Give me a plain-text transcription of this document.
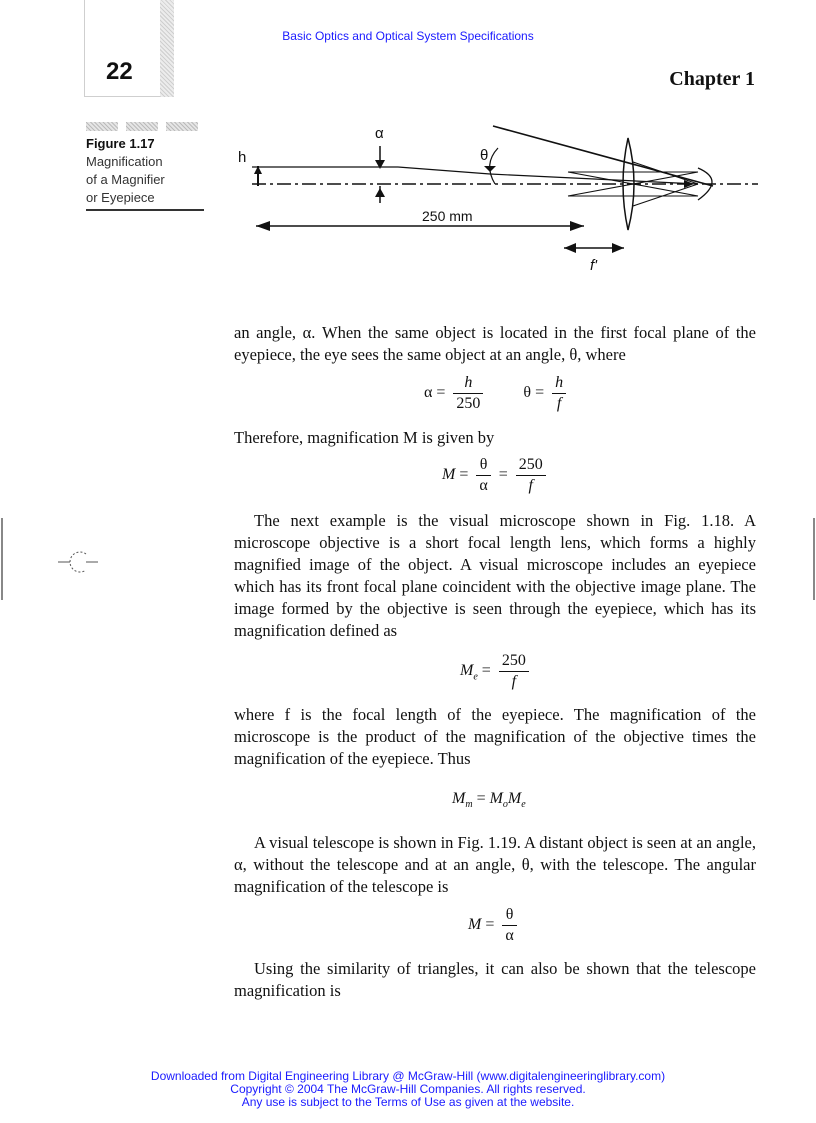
Basic Optics and Optical System Specifications
22	Chapter 1
Figure 1.17
Magnification
of a Magnifier
or Eyepiece
α
θ
h
250 mm
f'

an angle, α. When the same object is located in the first focal plane of the eyepiece, the eye sees the same object at an angle, θ, where

$\alpha = \frac{h}{250}$	$\theta = \frac{h}{f}$

Therefore, magnification M is given by

$M = \frac{\theta}{\alpha} = \frac{250}{f}$

The next example is the visual microscope shown in Fig. 1.18. A microscope objective is a short focal length lens, which forms a highly magnified image of the object. A visual microscope includes an eyepiece which has its front focal plane coincident with the objective image plane. The image formed by the objective is seen through the eyepiece, which has its magnification defined as

$M_e = \frac{250}{f}$

where f is the focal length of the eyepiece. The magnification of the microscope is the product of the magnification of the objective times the magnification of the eyepiece. Thus

$M_m = M_oM_e$

A visual telescope is shown in Fig. 1.19. A distant object is seen at an angle, α, without the telescope and at an angle, θ, with the telescope. The angular magnification of the telescope is

$M = \frac{\theta}{\alpha}$

Using the similarity of triangles, it can also be shown that the telescope magnification is

Downloaded from Digital Engineering Library @ McGraw-Hill (www.digitalengineeringlibrary.com)
Copyright © 2004 The McGraw-Hill Companies. All rights reserved.
Any use is subject to the Terms of Use as given at the website.
